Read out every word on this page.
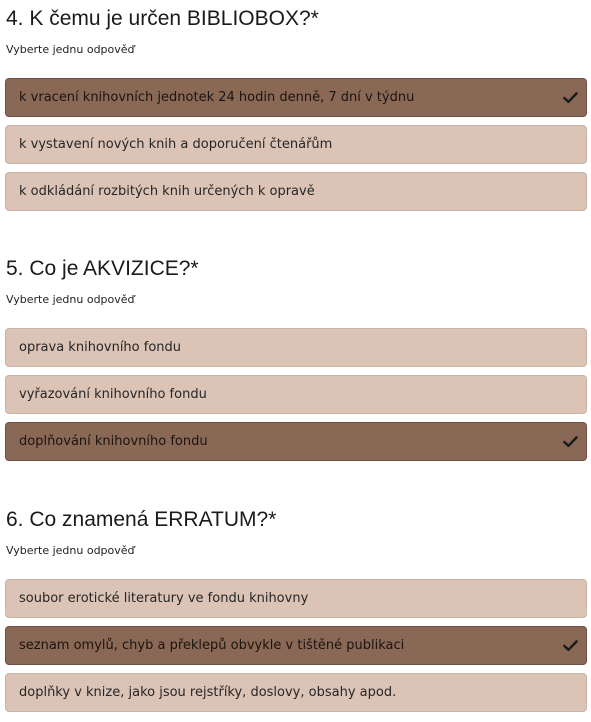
4. K čemu je určen BIBLIOBOX?*
Vyberte jednu odpověď
k vracení knihovních jednotek 24 hodin denně, 7 dní v týdnu
k vystavení nových knih a doporučení čtenářům
k odkládání rozbitých knih určených k opravě
5. Co je AKVIZICE?*
Vyberte jednu odpověď
oprava knihovního fondu
vyřazování knihovního fondu
doplňování knihovního fondu
6. Co znamená ERRATUM?*
Vyberte jednu odpověď
soubor erotické literatury ve fondu knihovny
seznam omylů, chyb a překlepů obvykle v tištěné publikaci
doplňky v knize, jako jsou rejstříky, doslovy, obsahy apod.
